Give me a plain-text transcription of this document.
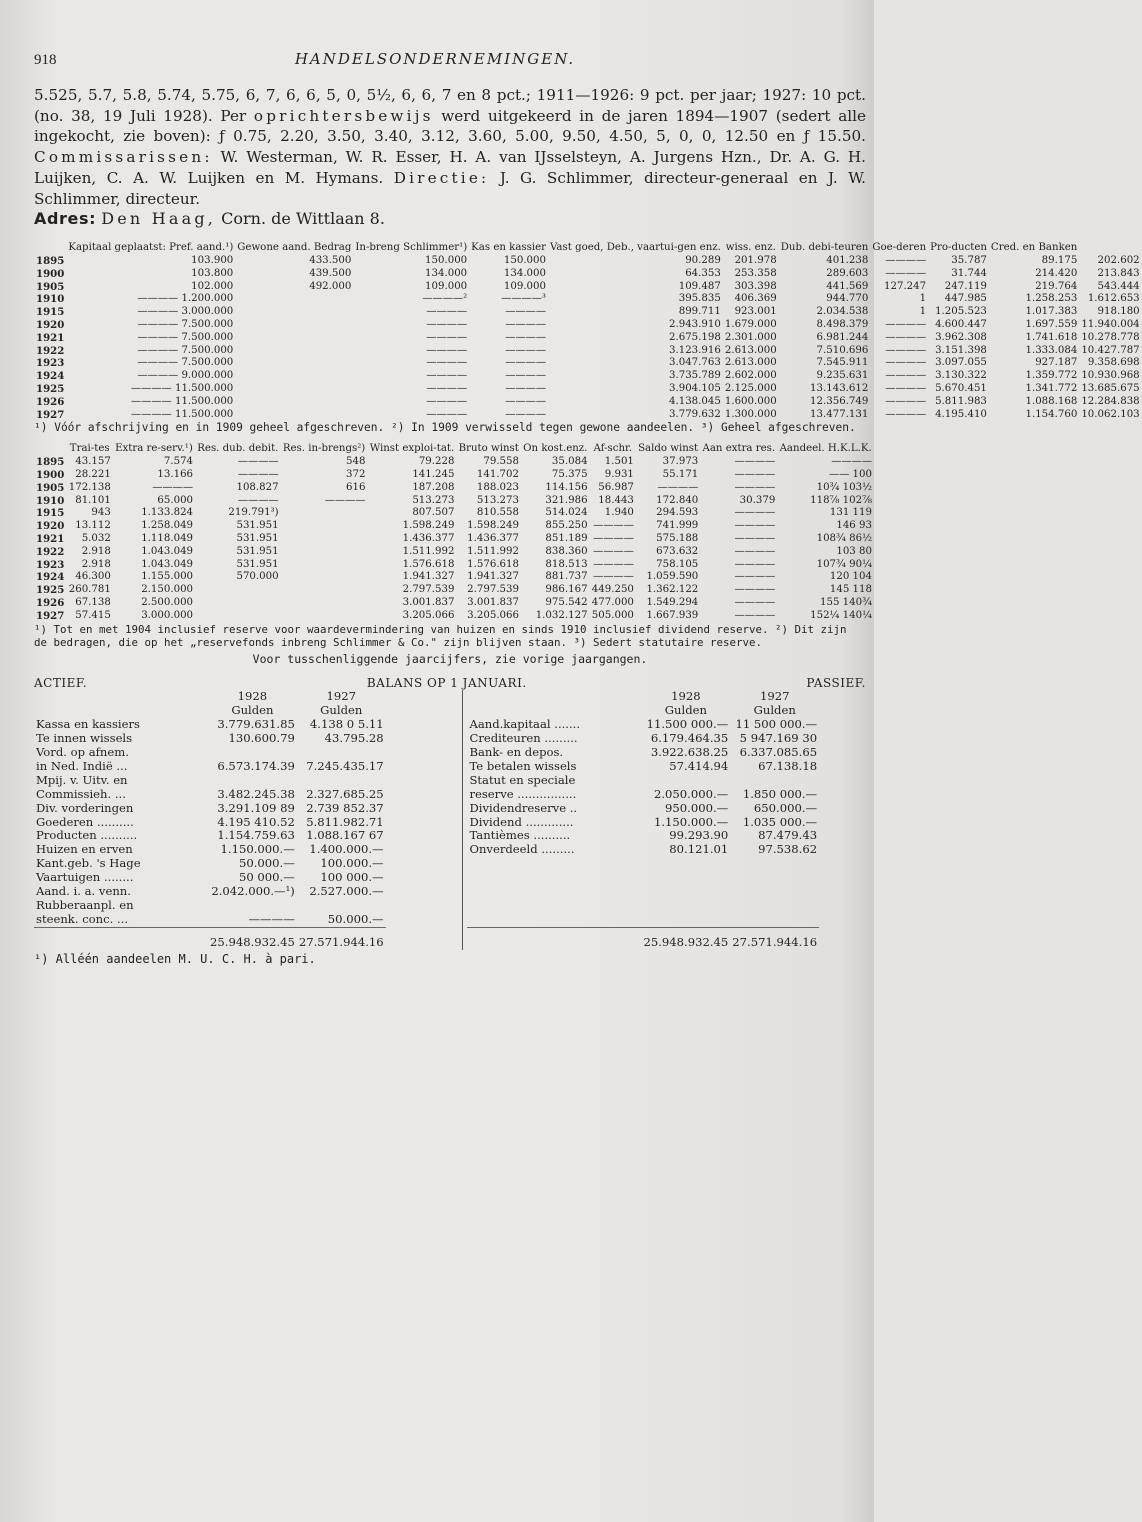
918	HANDELSONDERNEMINGEN.

5.525, 5.7, 5.8, 5.74, 5.75, 6, 7, 6, 6, 5, 0, 5½, 6, 6, 7 en 8 pct.; 1911—1926: 9 pct. per jaar; 1927: 10 pct. (no. 38, 19 Juli 1928). Per oprichtersbewijs werd uitgekeerd in de jaren 1894—1907 (sedert alle ingekocht, zie boven): ƒ 0.75, 2.20, 3.50, 3.40, 3.12, 3.60, 5.00, 9.50, 4.50, 5, 0, 0, 12.50 en ƒ 15.50. Commissarissen: W. Westerman, W. R. Esser, H. A. van IJsselsteyn, A. Jurgens Hzn., Dr. A. G. H. Luijken, C. A. W. Luijken en M. Hymans. Directie: J. G. Schlimmer, directeur-generaal en J. W. Schlimmer, directeur.

Adres: Den Haag, Corn. de Wittlaan 8.

	Kapitaal geplaatst: Pref. aand.¹)	Gewone aand. Bedrag	In-breng Schlimmer¹)	Kas en kassier	Vast goed, Deb., vaartui-gen enz.	wiss. enz.	Dub. debi-teuren	Goe-deren	Pro-ducten	Cred. en Banken	
1895	103.900	433.500	150.000	150.000	90.289	201.978	401.238	————	35.787	89.175	202.602
1900	103.800	439.500	134.000	134.000	64.353	253.358	289.603	————	31.744	214.420	213.843
1905	102.000	492.000	109.000	109.000	109.487	303.398	441.569	127.247	247.119	219.764	543.444
1910	———— 1.200.000		————²	————³	395.835	406.369	944.770	1	447.985	1.258.253	1.612.653
1915	———— 3.000.000		————	————	899.711	923.001	2.034.538	1	1.205.523	1.017.383	918.180
1920	———— 7.500.000		————	————	2.943.910	1.679.000	8.498.379	————	4.600.447	1.697.559	11.940.004
1921	———— 7.500.000		————	————	2.675.198	2.301.000	6.981.244	————	3.962.308	1.741.618	10.278.778
1922	———— 7.500.000		————	————	3.123.916	2.613.000	7.510.696	————	3.151.398	1.333.084	10.427.787
1923	———— 7.500.000		————	————	3.047.763	2.613.000	7.545.911	————	3.097.055	927.187	9.358.698
1924	———— 9.000.000		————	————	3.735.789	2.602.000	9.235.631	————	3.130.322	1.359.772	10.930.968
1925	———— 11.500.000		————	————	3.904.105	2.125.000	13.143.612	————	5.670.451	1.341.772	13.685.675
1926	———— 11.500.000		————	————	4.138.045	1.600.000	12.356.749	————	5.811.983	1.088.168	12.284.838
1927	———— 11.500.000		————	————	3.779.632	1.300.000	13.477.131	————	4.195.410	1.154.760	10.062.103

¹) Vóór afschrijving en in 1909 geheel afgeschreven. ²) In 1909 verwisseld tegen gewone aandeelen. ³) Geheel afgeschreven.

	Trai-tes	Extra re-serv.¹)	Res. dub. debit.	Res. in-brengs²)	Winst exploi-tat.	Bruto winst	On kost.enz.	Af-schr.	Saldo winst	Aan extra res.	Aandeel. H.K.L.K.
1895	43.157	7.574	————	548	79.228	79.558	35.084	1.501	37.973	————	————
1900	28.221	13.166	————	372	141.245	141.702	75.375	9.931	55.171	————	—— 100
1905	172.138	————	108.827	616	187.208	188.023	114.156	56.987	————	————	10¾ 103½
1910	81.101	65.000	————	————	513.273	513.273	321.986	18.443	172.840	30.379	118⅞ 102⅞
1915	943	1.133.824	219.791³)		807.507	810.558	514.024	1.940	294.593	————	131 119
1920	13.112	1.258.049	531.951		1.598.249	1.598.249	855.250	————	741.999	————	146 93
1921	5.032	1.118.049	531.951		1.436.377	1.436.377	851.189	————	575.188	————	108¾ 86½
1922	2.918	1.043.049	531.951		1.511.992	1.511.992	838.360	————	673.632	————	103 80
1923	2.918	1.043.049	531.951		1.576.618	1.576.618	818.513	————	758.105	————	107¾ 90¼
1924	46.300	1.155.000	570.000		1.941.327	1.941.327	881.737	————	1.059.590	————	120 104
1925	260.781	2.150.000			2.797.539	2.797.539	986.167	449.250	1.362.122	————	145 118
1926	67.138	2.500.000			3.001.837	3.001.837	975.542	477.000	1.549.294	————	155 140¾
1927	57.415	3.000.000			3.205.066	3.205.066	1.032.127	505.000	1.667.939	————	152¼ 140¼

¹) Tot en met 1904 inclusief reserve voor waardevermindering van huizen en sinds 1910 inclusief dividend reserve. ²) Dit zijn de bedragen, die op het „reservefonds inbreng Schlimmer & Co." zijn blijven staan. ³) Sedert statutaire reserve.

Voor tusschenliggende jaarcijfers, zie vorige jaargangen.

ACTIEF.	BALANS OP 1 JANUARI.	PASSIEF.
	1928	1927
	Gulden	Gulden
Kassa en kassiers	3.779.631.85	4.138 0 5.11
Te innen wissels	130.600.79	43.795.28
Vord. op afnem.		
in Ned. Indië ...	6.573.174.39	7.245.435.17
Mpij. v. Uitv. en		
Commissieh. ...	3.482.245.38	2.327.685.25
Div. vorderingen	3.291.109 89	2.739 852.37
Goederen ..........	4.195 410.52	5.811.982.71
Producten ..........	1.154.759.63	1.088.167 67
Huizen en erven	1.150.000.—	1.400.000.—
Kant.geb. 's Hage	50.000.—	100.000.—
Vaartuigen ........	50 000.—	100 000.—
Aand. i. a. venn.	2.042.000.—¹)	2.527.000.—
Rubberaanpl. en		
steenk. conc. ...	————	50.000.—
	25.948.932.45	27.571.944.16
	1928	1927
	Gulden	Gulden
Aand.kapitaal .......	11.500 000.—	11 500 000.—
Crediteuren .........	6.179.464.35	5 947.169 30
Bank- en depos.	3.922.638.25	6.337.085.65
Te betalen wissels	57.414.94	67.138.18
Statut en speciale		
reserve ................	2.050.000.—	1.850 000.—
Dividendreserve ..	950.000.—	650.000.—
Dividend .............	1.150.000.—	1.035 000.—
Tantièmes ..........	99.293.90	87.479.43
Onverdeeld .........	80.121.01	97.538.62

	25.948.932.45	27.571.944.16

¹) Alléén aandeelen M. U. C. H. à pari.
